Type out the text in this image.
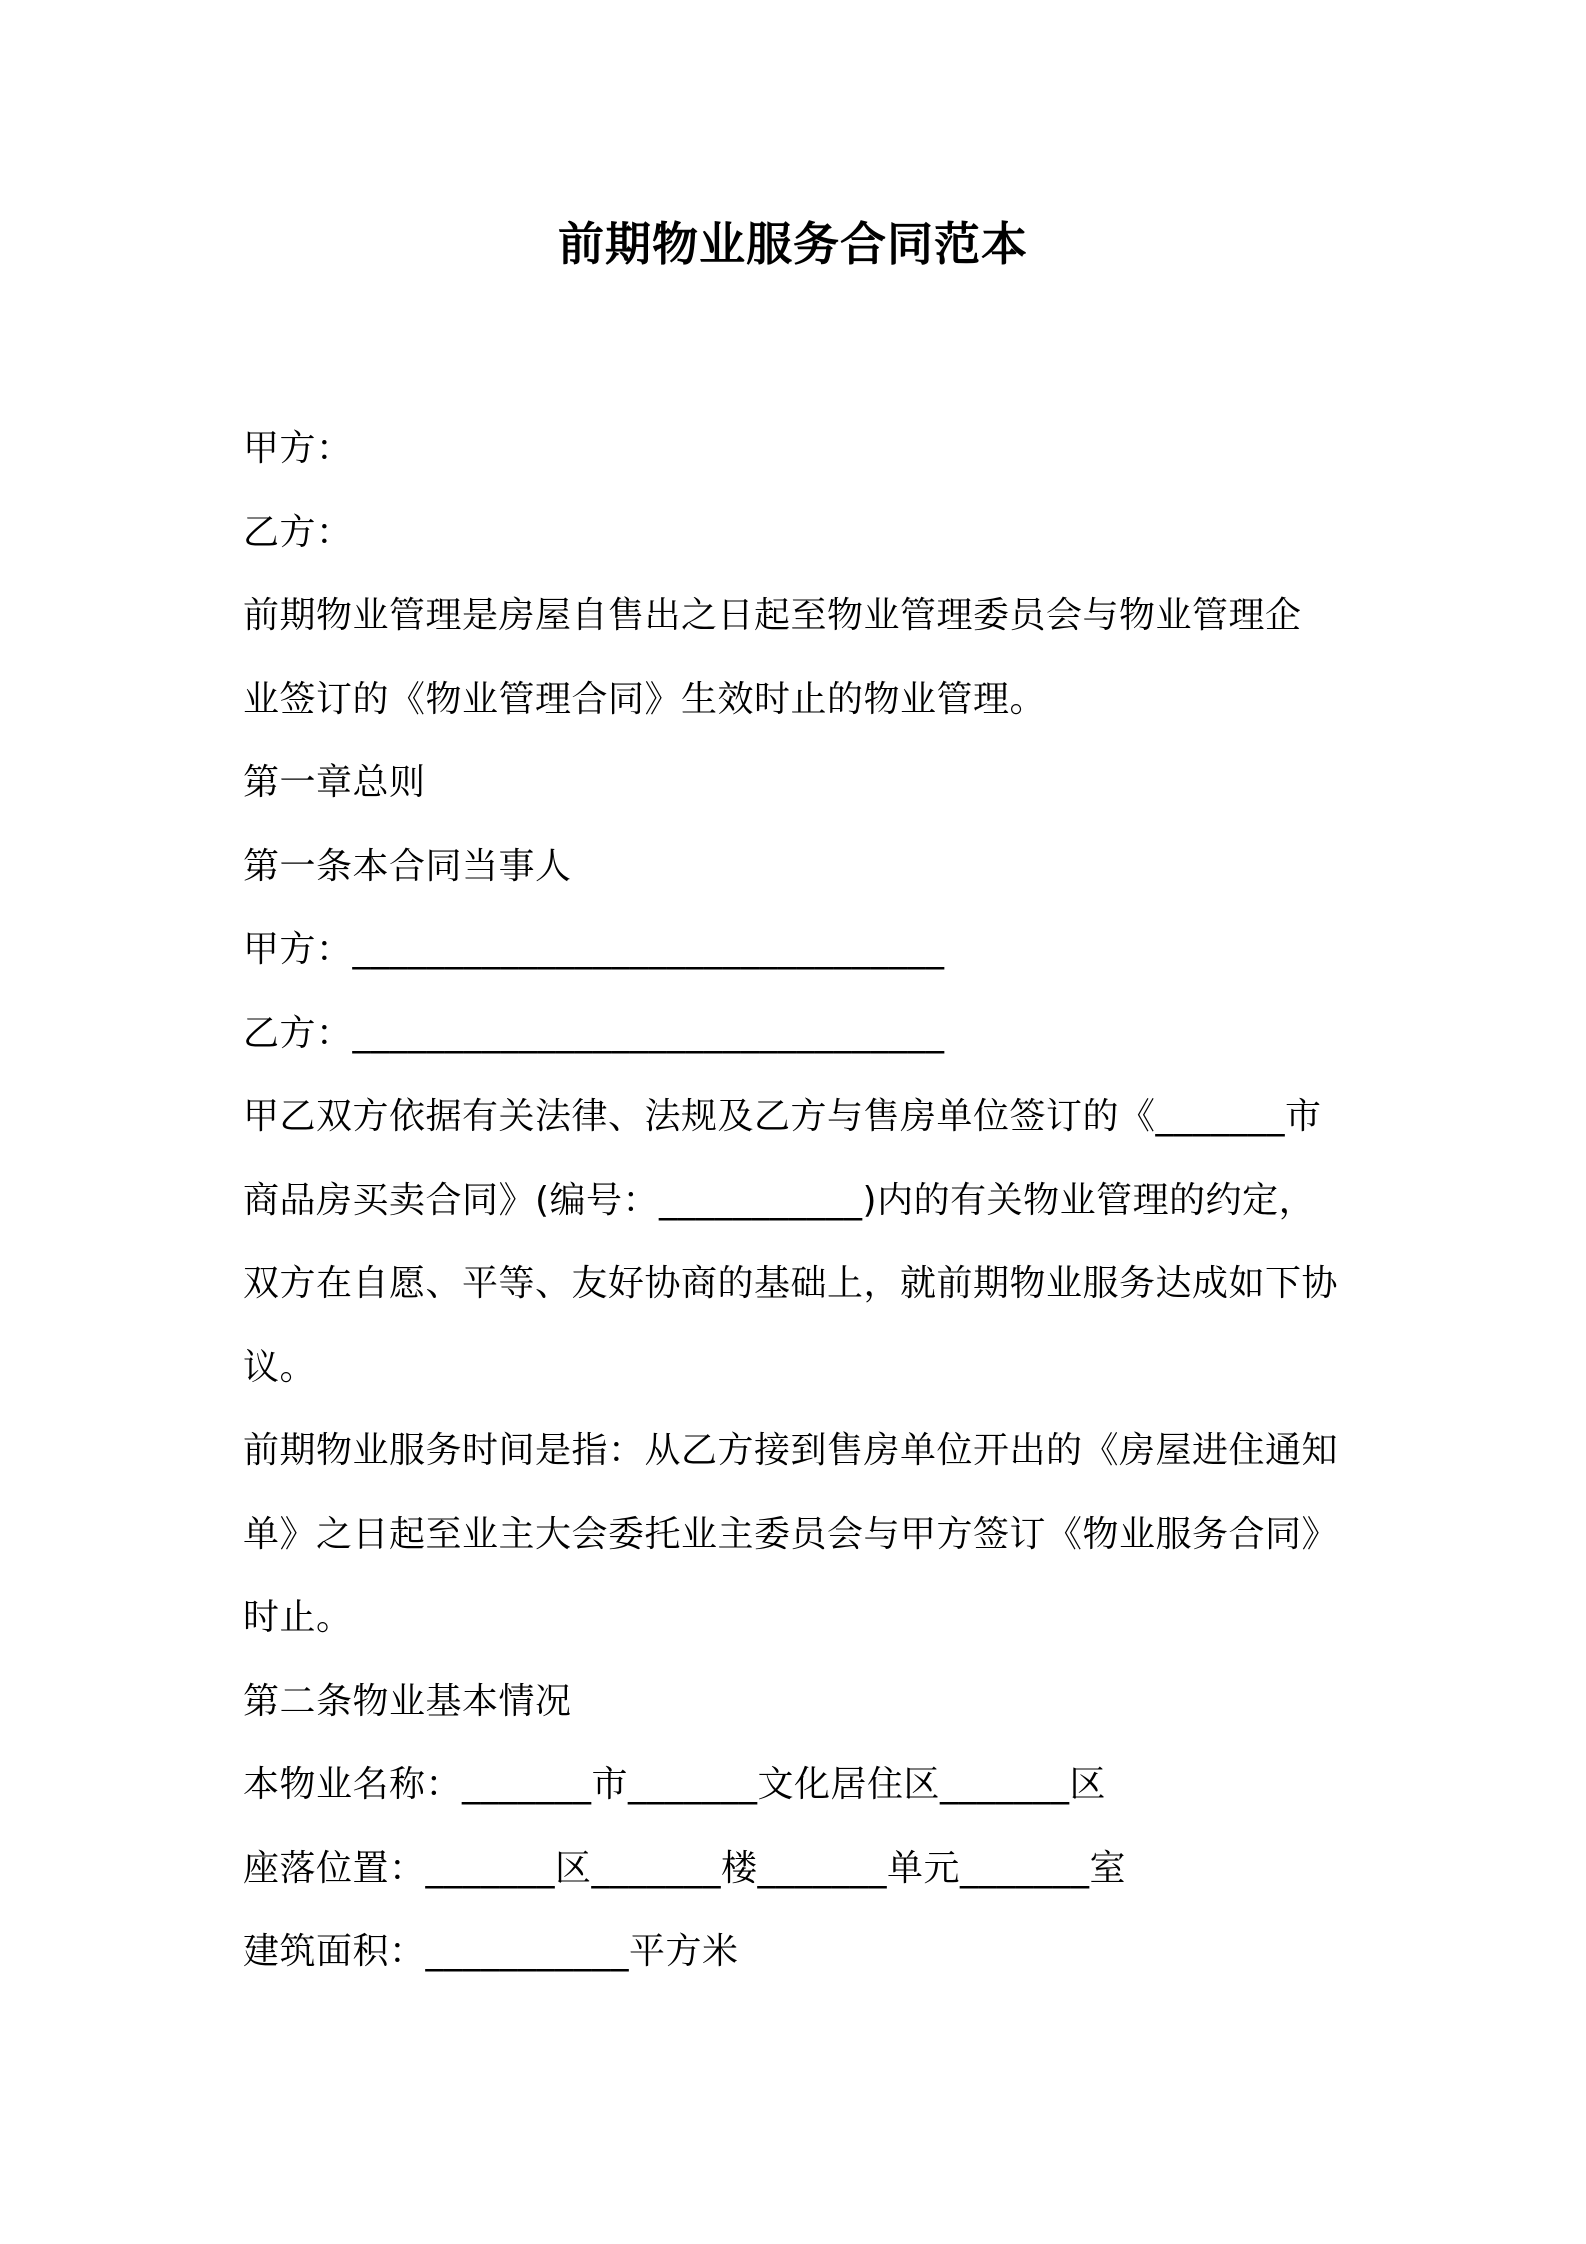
前期物业服务合同范本
甲方：
乙方：
前期物业管理是房屋自售出之日起至物业管理委员会与物业管理企
业签订的《物业管理合同》生效时止的物业管理。
第一章总则
第一条本合同当事人
甲方：________________________________
乙方：________________________________
甲乙双方依据有关法律、法规及乙方与售房单位签订的《_______市
商品房买卖合同》(编号：___________)内的有关物业管理的约定，
双方在自愿、平等、友好协商的基础上，就前期物业服务达成如下协
议。
前期物业服务时间是指：从乙方接到售房单位开出的《房屋进住通知
单》之日起至业主大会委托业主委员会与甲方签订《物业服务合同》
时止。
第二条物业基本情况
本物业名称：_______市_______文化居住区_______区
座落位置：_______区_______楼_______单元_______室
建筑面积：___________平方米
